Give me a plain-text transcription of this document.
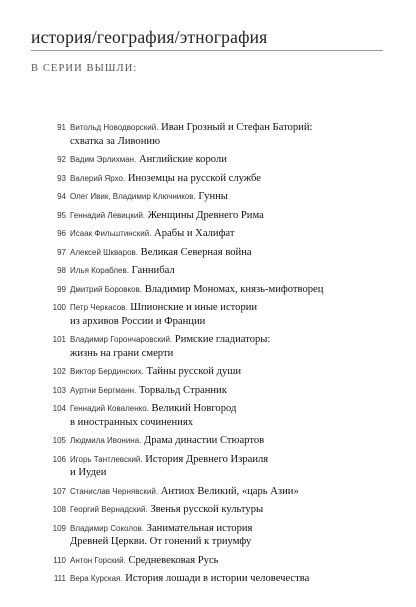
история/география/этнография
В СЕРИИ ВЫШЛИ:
91 Витольд Новодворский. Иван Грозный и Стефан Баторий:
схватка за Ливонию
92 Вадим Эрлихман. Английские короли
93 Валерий Ярхо. Иноземцы на русской службе
94 Олег Ивик, Владимир Ключников. Гунны
95 Геннадий Левицкий. Женщины Древнего Рима
96 Исаак Фильштинский. Арабы и Халифат
97 Алексей Шкваров. Великая Северная война
98 Илья Кораблев. Ганнибал
99 Дмитрий Боровков. Владимир Мономах, князь-мифотворец
100 Петр Черкасов. Шпионские и иные истории
из архивов России и Франции
101 Владимир Горончаровский. Римские гладиаторы:
жизнь на грани смерти
102 Виктор Бердинских. Тайны русской души
103 Ауртни Бергманн. Торвальд Странник
104 Геннадий Коваленко. Великий Новгород
в иностранных сочинениях
105 Людмила Ивонина. Драма династии Стюартов
106 Игорь Тантлевский. История Древнего Израиля
и Иудеи
107 Станислав Чернявский. Антиох Великий, «царь Азии»
108 Георгий Вернадский. Звенья русской культуры
109 Владимир Соколов. Занимательная история
Древней Церкви. От гонений к триумфу
110 Антон Горский. Средневековая Русь
111 Вера Курская. История лошади в истории человечества
